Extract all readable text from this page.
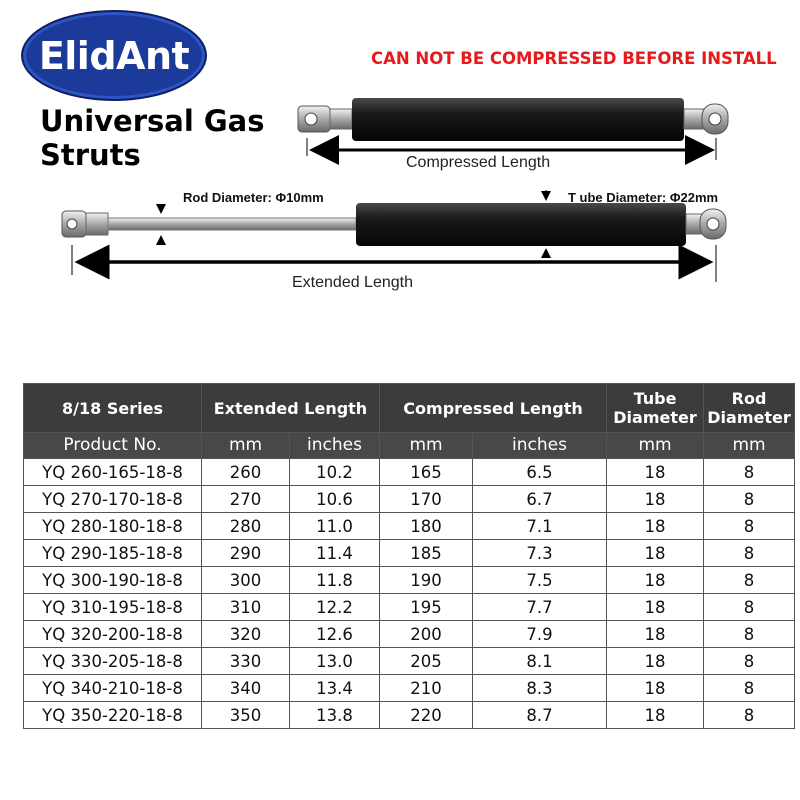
ElidAnt
Universal Gas
Struts
CAN NOT BE COMPRESSED BEFORE INSTALL
Compressed Length
Extended Length
Rod Diameter: Φ10mm	T ube Diameter: Φ22mm
8/18 Series	Extended Length		Compressed Length		Tube Diameter	Rod Diameter
Product No.	mm	inches	mm	inches	mm	mm
YQ 260-165-18-8	260	10.2	165	6.5	18	8
YQ 270-170-18-8	270	10.6	170	6.7	18	8
YQ 280-180-18-8	280	11.0	180	7.1	18	8
YQ 290-185-18-8	290	11.4	185	7.3	18	8
YQ 300-190-18-8	300	11.8	190	7.5	18	8
YQ 310-195-18-8	310	12.2	195	7.7	18	8
YQ 320-200-18-8	320	12.6	200	7.9	18	8
YQ 330-205-18-8	330	13.0	205	8.1	18	8
YQ 340-210-18-8	340	13.4	210	8.3	18	8
YQ 350-220-18-8	350	13.8	220	8.7	18	8
